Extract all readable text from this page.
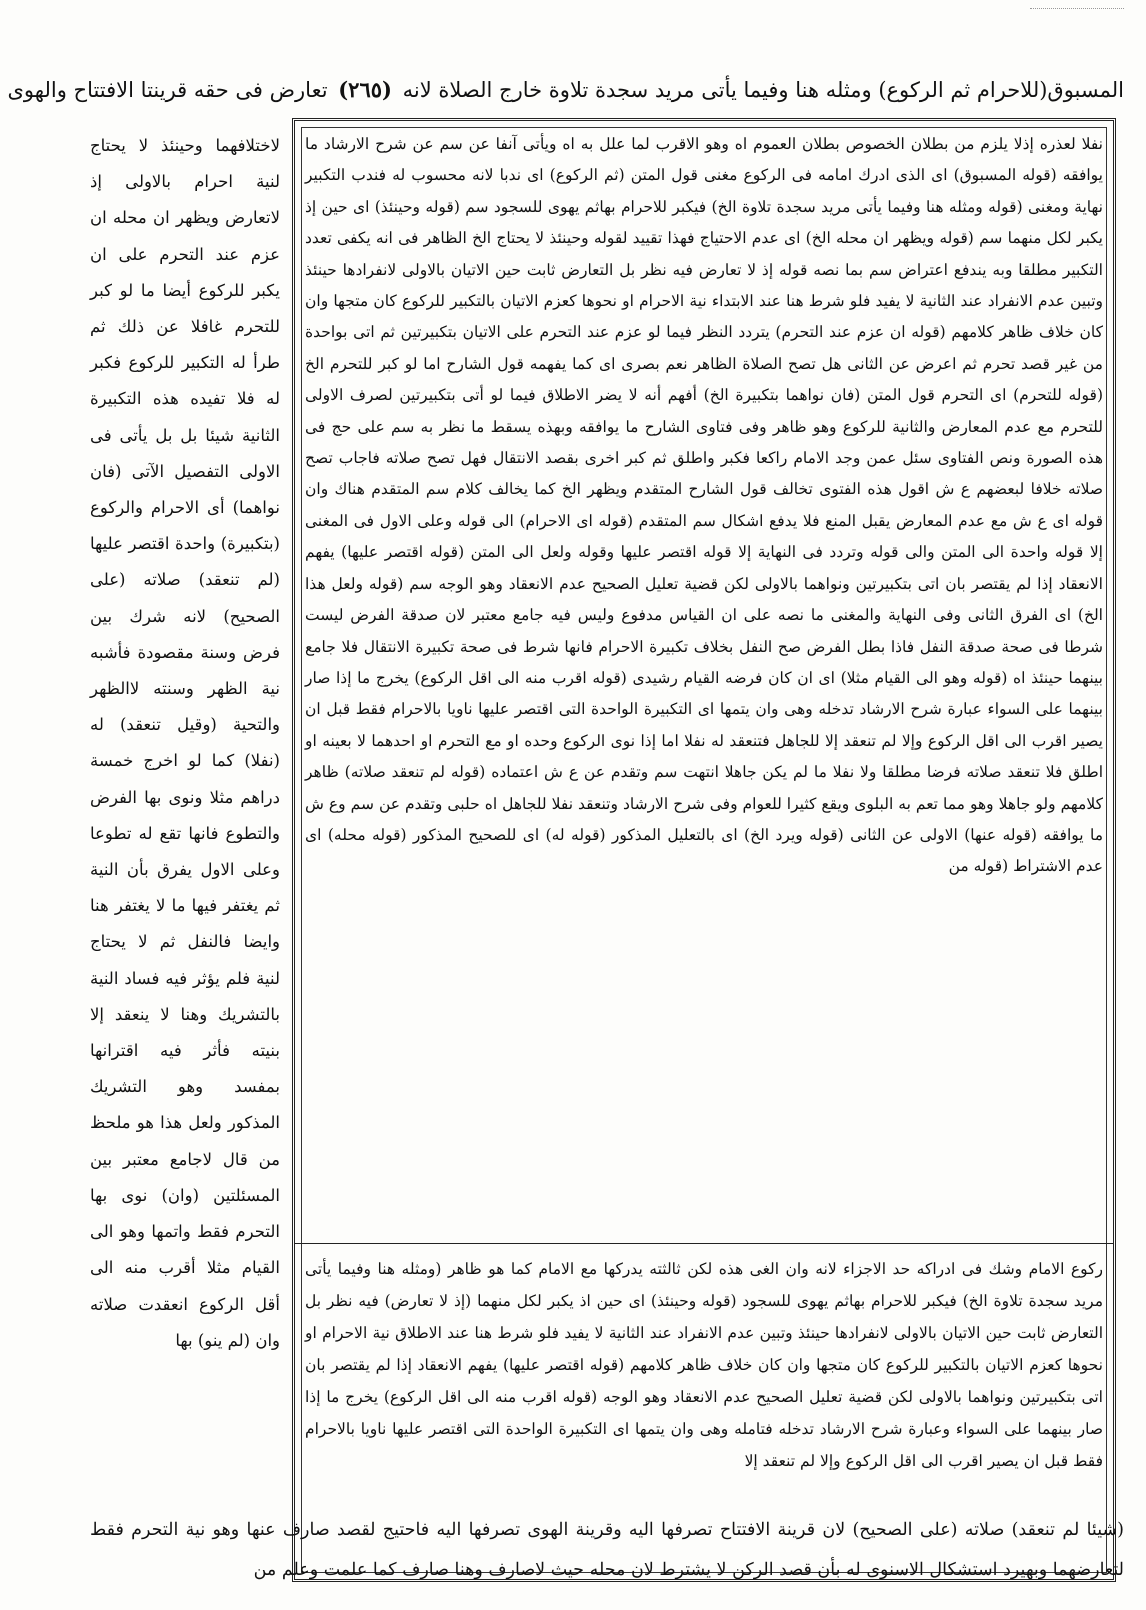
المسبوق(للاحرام ثم الركوع) ومثله هنا وفيما يأتى مريد سجدة تلاوة خارج الصلاة لانه (٢٦٥) تعارض فى حقه قرينتا الافتتاح والهوى

لاختلافهما وحينئذ لا يحتاج لنية احرام بالاولى إذ لاتعارض ويظهر ان محله ان عزم عند التحرم على ان يكبر للركوع أيضا ما لو كبر للتحرم غافلا عن ذلك ثم طرأ له التكبير للركوع فكبر له فلا تفيده هذه التكبيرة الثانية شيئا بل بل يأتى فى الاولى التفصيل الآتى (فان نواهما) أى الاحرام والركوع (بتكبيرة) واحدة اقتصر عليها (لم تنعقد) صلاته (على الصحيح) لانه شرك بين فرض وسنة مقصودة فأشبه نية الظهر وسنته لاالظهر والتحية (وقيل تنعقد) له (نفلا) كما لو اخرج خمسة دراهم مثلا ونوى بها الفرض والتطوع فانها تقع له تطوعا وعلى الاول يفرق بأن النية ثم يغتفر فيها ما لا يغتفر هنا وايضا فالنفل ثم لا يحتاج لنية فلم يؤثر فيه فساد النية بالتشريك وهنا لا ينعقد إلا بنيته فأثر فيه اقترانها بمفسد وهو التشريك المذكور ولعل هذا هو ملحظ من قال لاجامع معتبر بين المسئلتين (وان) نوى بها التحرم فقط واتمها وهو الى القيام مثلا أقرب منه الى أقل الركوع انعقدت صلاته وان (لم ينو) بها

نفلا لعذره إذلا يلزم من بطلان الخصوص بطلان العموم اه وهو الاقرب لما علل به اه ويأتى آنفا عن سم عن شرح الارشاد ما يوافقه (قوله المسبوق) اى الذى ادرك امامه فى الركوع مغنى قول المتن (ثم الركوع) اى ندبا لانه محسوب له فندب التكبير نهاية ومغنى (قوله ومثله هنا وفيما يأتى مريد سجدة تلاوة الخ) فيكبر للاحرام بهاثم يهوى للسجود سم (قوله وحينئذ) اى حين إذ يكبر لكل منهما سم (قوله ويظهر ان محله الخ) اى عدم الاحتياج فهذا تقييد لقوله وحينئذ لا يحتاج الخ الظاهر فى انه يكفى تعدد التكبير مطلقا وبه يندفع اعتراض سم بما نصه قوله إذ لا تعارض فيه نظر بل التعارض ثابت حين الاتيان بالاولى لانفرادها حينئذ وتبين عدم الانفراد عند الثانية لا يفيد فلو شرط هنا عند الابتداء نية الاحرام او نحوها كعزم الاتيان بالتكبير للركوع كان متجها وان كان خلاف ظاهر كلامهم (قوله ان عزم عند التحرم) يتردد النظر فيما لو عزم عند التحرم على الاتيان بتكبيرتين ثم اتى بواحدة من غير قصد تحرم ثم اعرض عن الثانى هل تصح الصلاة الظاهر نعم بصرى اى كما يفهمه قول الشارح اما لو كبر للتحرم الخ (قوله للتحرم) اى التحرم قول المتن (فان نواهما بتكبيرة الخ) أفهم أنه لا يضر الاطلاق فيما لو أتى بتكبيرتين لصرف الاولى للتحرم مع عدم المعارض والثانية للركوع وهو ظاهر وفى فتاوى الشارح ما يوافقه وبهذه يسقط ما نظر به سم على حج فى هذه الصورة ونص الفتاوى سئل عمن وجد الامام راكعا فكبر واطلق ثم كبر اخرى بقصد الانتقال فهل تصح صلاته فاجاب تصح صلاته خلافا لبعضهم ع ش اقول هذه الفتوى تخالف قول الشارح المتقدم ويظهر الخ كما يخالف كلام سم المتقدم هناك وان قوله اى ع ش مع عدم المعارض يقبل المنع فلا يدفع اشكال سم المتقدم (قوله اى الاحرام) الى قوله وعلى الاول فى المغنى إلا قوله واحدة الى المتن والى قوله وتردد فى النهاية إلا قوله اقتصر عليها وقوله ولعل الى المتن (قوله اقتصر عليها) يفهم الانعقاد إذا لم يقتصر بان اتى بتكبيرتين ونواهما بالاولى لكن قضية تعليل الصحيح عدم الانعقاد وهو الوجه سم (قوله ولعل هذا الخ) اى الفرق الثانى وفى النهاية والمغنى ما نصه على ان القياس مدفوع وليس فيه جامع معتبر لان صدقة الفرض ليست شرطا فى صحة صدقة النفل فاذا بطل الفرض صح النفل بخلاف تكبيرة الاحرام فانها شرط فى صحة تكبيرة الانتقال فلا جامع بينهما حينئذ اه (قوله وهو الى القيام مثلا) اى ان كان فرضه القيام رشيدى (قوله اقرب منه الى اقل الركوع) يخرج ما إذا صار بينهما على السواء عبارة شرح الارشاد تدخله وهى وان يتمها اى التكبيرة الواحدة التى اقتصر عليها ناويا بالاحرام فقط قبل ان يصير اقرب الى اقل الركوع وإلا لم تنعقد إلا للجاهل فتنعقد له نفلا اما إذا نوى الركوع وحده او مع التحرم او احدهما لا بعينه او اطلق فلا تنعقد صلاته فرضا مطلقا ولا نفلا ما لم يكن جاهلا انتهت سم وتقدم عن ع ش اعتماده (قوله لم تنعقد صلاته) ظاهر كلامهم ولو جاهلا وهو مما تعم به البلوى ويقع كثيرا للعوام وفى شرح الارشاد وتنعقد نفلا للجاهل اه حلبى وتقدم عن سم وع ش ما يوافقه (قوله عنها) الاولى عن الثانى (قوله ويرد الخ) اى بالتعليل المذكور (قوله له) اى للصحيح المذكور (قوله محله) اى عدم الاشتراط (قوله من

ركوع الامام وشك فى ادراكه حد الاجزاء لانه وان الغى هذه لكن ثالثته يدركها مع الامام كما هو ظاهر (ومثله هنا وفيما يأتى مريد سجدة تلاوة الخ) فيكبر للاحرام بهاثم يهوى للسجود (قوله وحينئذ) اى حين اذ يكبر لكل منهما (إذ لا تعارض) فيه نظر بل التعارض ثابت حين الاتيان بالاولى لانفرادها حينئذ وتبين عدم الانفراد عند الثانية لا يفيد فلو شرط هنا عند الاطلاق نية الاحرام او نحوها كعزم الاتيان بالتكبير للركوع كان متجها وان كان خلاف ظاهر كلامهم (قوله اقتصر عليها) يفهم الانعقاد إذا لم يقتصر بان اتى بتكبيرتين ونواهما بالاولى لكن قضية تعليل الصحيح عدم الانعقاد وهو الوجه (قوله اقرب منه الى اقل الركوع) يخرج ما إذا صار بينهما على السواء وعبارة شرح الارشاد تدخله فتامله وهى وان يتمها اى التكبيرة الواحدة التى اقتصر عليها ناويا بالاحرام فقط قبل ان يصير اقرب الى اقل الركوع وإلا لم تنعقد إلا

(شيئا لم تنعقد) صلاته (على الصحيح) لان قرينة الافتتاح تصرفها اليه وقرينة الهوى تصرفها اليه فاحتيج لقصد صارف عنها وهو نية التحرم فقط لتعارضهما وبهيرد استشكال الاسنوى له بأن قصد الركن لا يشترط لان محله حيث لاصارف وهنا صارف كما علمت وعلم من
